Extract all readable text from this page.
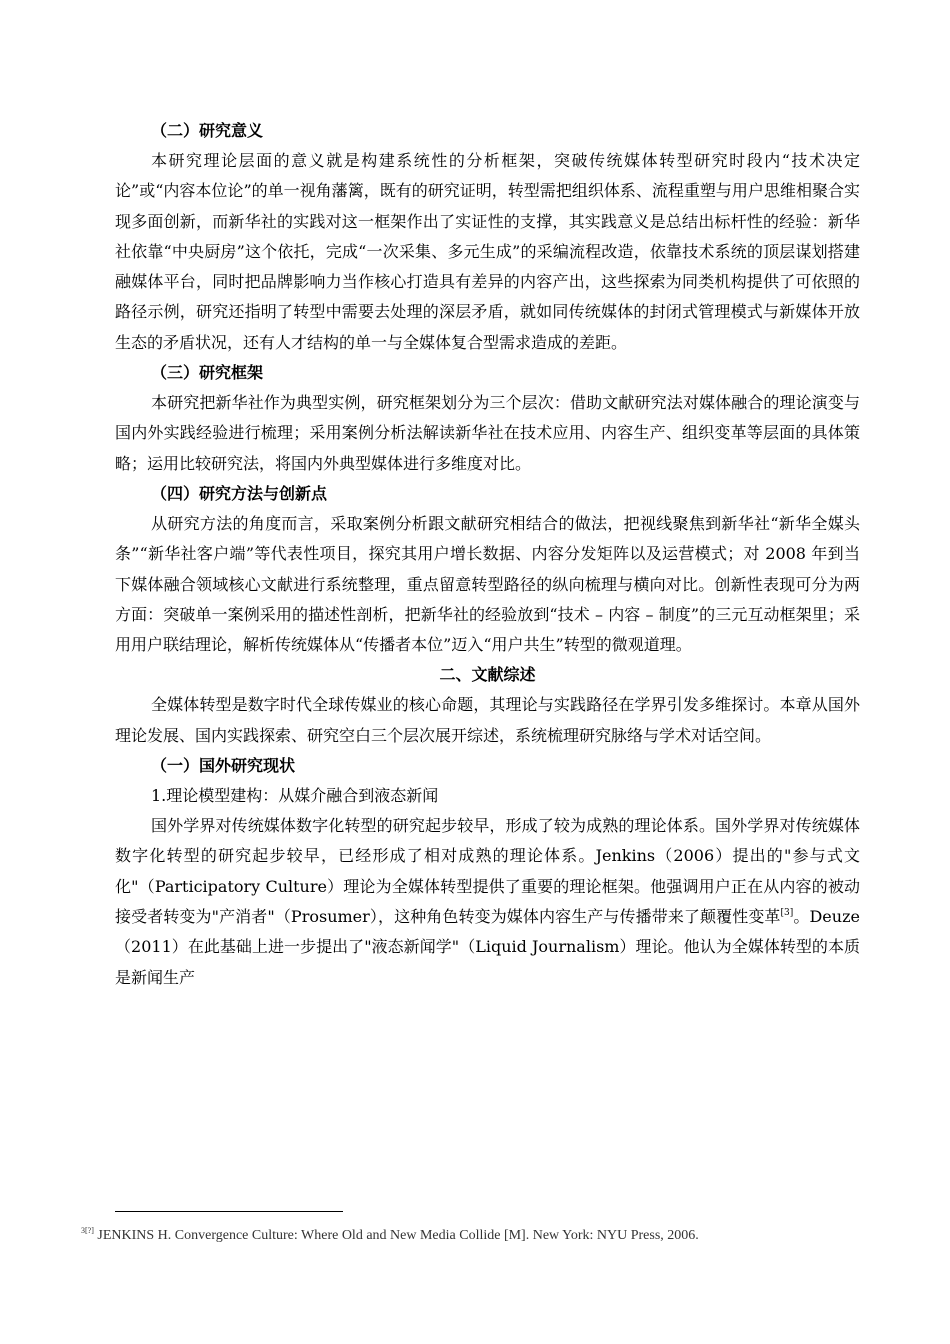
（二）研究意义

本研究理论层面的意义就是构建系统性的分析框架，突破传统媒体转型研究时段内“技术决定论”或“内容本位论”的单一视角藩篱，既有的研究证明，转型需把组织体系、流程重塑与用户思维相聚合实现多面创新，而新华社的实践对这一框架作出了实证性的支撑，其实践意义是总结出标杆性的经验：新华社依靠“中央厨房”这个依托，完成“一次采集、多元生成”的采编流程改造，依靠技术系统的顶层谋划搭建融媒体平台，同时把品牌影响力当作核心打造具有差异的内容产出，这些探索为同类机构提供了可依照的路径示例，研究还指明了转型中需要去处理的深层矛盾，就如同传统媒体的封闭式管理模式与新媒体开放生态的矛盾状况，还有人才结构的单一与全媒体复合型需求造成的差距。

（三）研究框架

本研究把新华社作为典型实例，研究框架划分为三个层次：借助文献研究法对媒体融合的理论演变与国内外实践经验进行梳理；采用案例分析法解读新华社在技术应用、内容生产、组织变革等层面的具体策略；运用比较研究法，将国内外典型媒体进行多维度对比。

（四）研究方法与创新点

从研究方法的角度而言，采取案例分析跟文献研究相结合的做法，把视线聚焦到新华社“新华全媒头条”“新华社客户端”等代表性项目，探究其用户增长数据、内容分发矩阵以及运营模式；对 2008 年到当下媒体融合领域核心文献进行系统整理，重点留意转型路径的纵向梳理与横向对比。创新性表现可分为两方面：突破单一案例采用的描述性剖析，把新华社的经验放到“技术 – 内容 – 制度”的三元互动框架里；采用用户联结理论，解析传统媒体从“传播者本位”迈入“用户共生”转型的微观道理。

二、文献综述

全媒体转型是数字时代全球传媒业的核心命题，其理论与实践路径在学界引发多维探讨。本章从国外理论发展、国内实践探索、研究空白三个层次展开综述，系统梳理研究脉络与学术对话空间。

（一）国外研究现状

1.理论模型建构：从媒介融合到液态新闻

国外学界对传统媒体数字化转型的研究起步较早，形成了较为成熟的理论体系。国外学界对传统媒体数字化转型的研究起步较早，已经形成了相对成熟的理论体系。Jenkins（2006）提出的"参与式文化"（Participatory Culture）理论为全媒体转型提供了重要的理论框架。他强调用户正在从内容的被动接受者转变为"产消者"（Prosumer），这种角色转变为媒体内容生产与传播带来了颠覆性变革[3]。Deuze（2011）在此基础上进一步提出了"液态新闻学"（Liquid Journalism）理论。他认为全媒体转型的本质是新闻生产

$^{3[?]}$ JENKINS H. Convergence Culture: Where Old and New Media Collide [M]. New York: NYU Press, 2006.
